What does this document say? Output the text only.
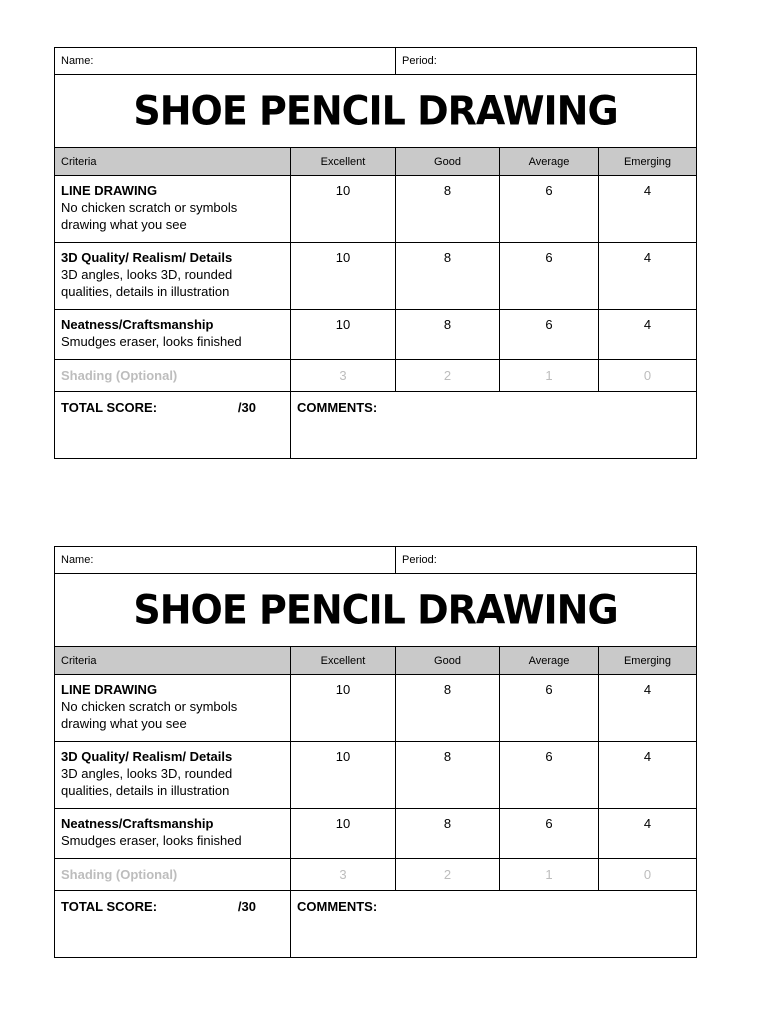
Name:		Period:		
SHOE PENCIL DRAWING				
Criteria	Excellent	Good	Average	Emerging

LINE DRAWING
No chicken scratch or symbols
drawing what you see	10	8	6	4

3D Quality/ Realism/ Details
3D angles, looks 3D, rounded
qualities, details in illustration	10	8	6	4

Neatness/Craftsmanship
Smudges eraser, looks finished	10	8	6	4
Shading (Optional)	3	2	1	0

TOTAL SCORE: /30	COMMENTS:			
Name:		Period:		
SHOE PENCIL DRAWING				
Criteria	Excellent	Good	Average	Emerging

LINE DRAWING
No chicken scratch or symbols
drawing what you see	10	8	6	4

3D Quality/ Realism/ Details
3D angles, looks 3D, rounded
qualities, details in illustration	10	8	6	4

Neatness/Craftsmanship
Smudges eraser, looks finished	10	8	6	4
Shading (Optional)	3	2	1	0

TOTAL SCORE: /30	COMMENTS:			
